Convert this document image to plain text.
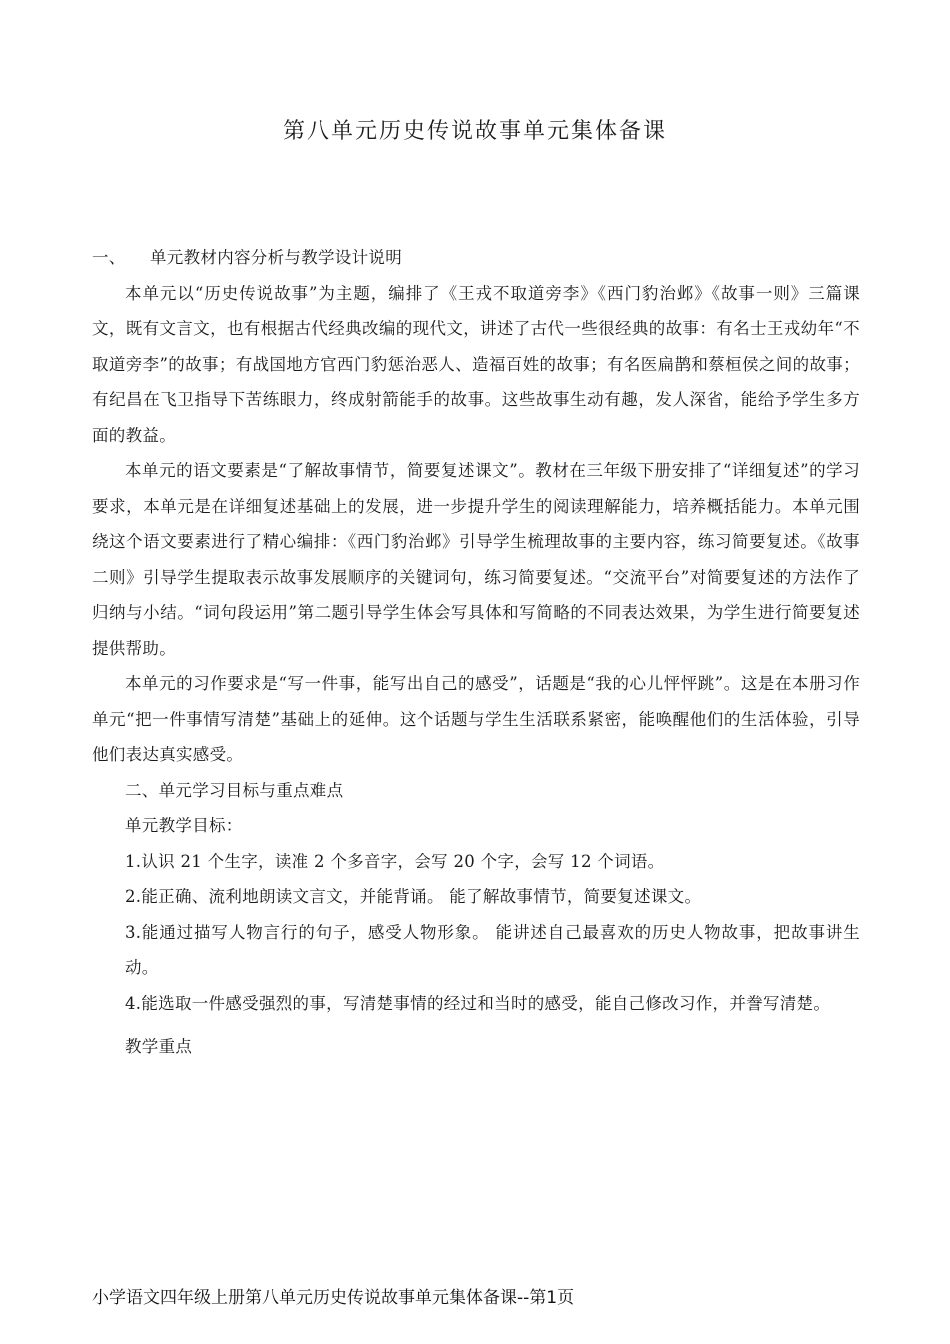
第八单元历史传说故事单元集体备课

一、 单元教材内容分析与教学设计说明

本单元以“历史传说故事”为主题，编排了《王戎不取道旁李》《西门豹治邺》《故事一则》三篇课文，既有文言文，也有根据古代经典改编的现代文，讲述了古代一些很经典的故事：有名士王戎幼年“不取道旁李”的故事；有战国地方官西门豹惩治恶人、造福百姓的故事；有名医扁鹊和蔡桓侯之间的故事；有纪昌在飞卫指导下苦练眼力，终成射箭能手的故事。这些故事生动有趣，发人深省，能给予学生多方面的教益。

本单元的语文要素是“了解故事情节，简要复述课文”。教材在三年级下册安排了“详细复述”的学习要求，本单元是在详细复述基础上的发展，进一步提升学生的阅读理解能力，培养概括能力。本单元围绕这个语文要素进行了精心编排：《西门豹治邺》引导学生梳理故事的主要内容，练习简要复述。《故事二则》引导学生提取表示故事发展顺序的关键词句，练习简要复述。“交流平台”对简要复述的方法作了归纳与小结。“词句段运用”第二题引导学生体会写具体和写简略的不同表达效果，为学生进行简要复述提供帮助。

本单元的习作要求是“写一件事，能写出自己的感受”，话题是“我的心儿怦怦跳”。这是在本册习作单元“把一件事情写清楚”基础上的延伸。这个话题与学生生活联系紧密，能唤醒他们的生活体验，引导他们表达真实感受。

二、单元学习目标与重点难点

单元教学目标：

1.认识 21 个生字，读准 2 个多音字，会写 20 个字，会写 12 个词语。

2.能正确、流利地朗读文言文，并能背诵。 能了解故事情节，简要复述课文。

3.能通过描写人物言行的句子，感受人物形象。 能讲述自己最喜欢的历史人物故事，把故事讲生动。

4.能选取一件感受强烈的事，写清楚事情的经过和当时的感受，能自己修改习作，并誊写清楚。

教学重点

小学语文四年级上册第八单元历史传说故事单元集体备课--第1页
